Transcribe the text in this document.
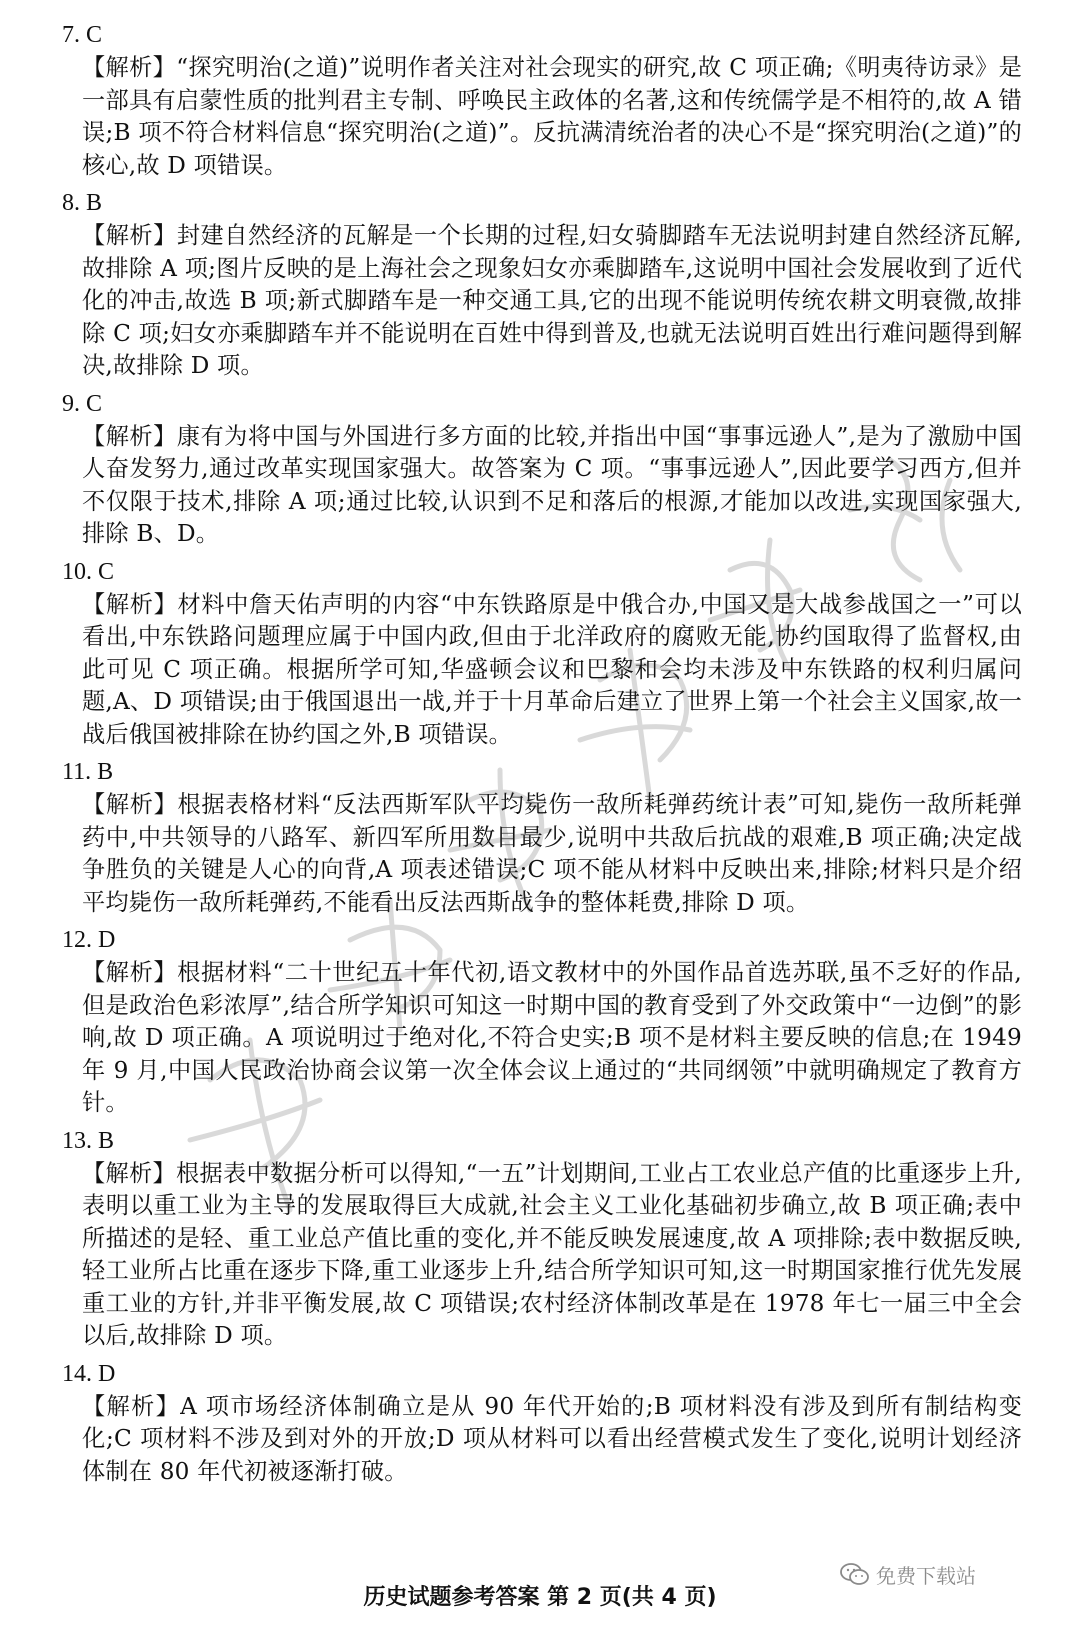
7. C
【解析】“探究明治(之道)”说明作者关注对社会现实的研究,故 C 项正确;《明夷待访录》是一部具有启蒙性质的批判君主专制、呼唤民主政体的名著,这和传统儒学是不相符的,故 A 错误;B 项不符合材料信息“探究明治(之道)”。反抗满清统治者的决心不是“探究明治(之道)”的核心,故 D 项错误。
8. B
【解析】封建自然经济的瓦解是一个长期的过程,妇女骑脚踏车无法说明封建自然经济瓦解,故排除 A 项;图片反映的是上海社会之现象妇女亦乘脚踏车,这说明中国社会发展收到了近代化的冲击,故选 B 项;新式脚踏车是一种交通工具,它的出现不能说明传统农耕文明衰微,故排除 C 项;妇女亦乘脚踏车并不能说明在百姓中得到普及,也就无法说明百姓出行难问题得到解决,故排除 D 项。
9. C
【解析】康有为将中国与外国进行多方面的比较,并指出中国“事事远逊人”,是为了激励中国人奋发努力,通过改革实现国家强大。故答案为 C 项。“事事远逊人”,因此要学习西方,但并不仅限于技术,排除 A 项;通过比较,认识到不足和落后的根源,才能加以改进,实现国家强大,排除 B、D。
10. C
【解析】材料中詹天佑声明的内容“中东铁路原是中俄合办,中国又是大战参战国之一”可以看出,中东铁路问题理应属于中国内政,但由于北洋政府的腐败无能,协约国取得了监督权,由此可见 C 项正确。根据所学可知,华盛顿会议和巴黎和会均未涉及中东铁路的权利归属问题,A、D 项错误;由于俄国退出一战,并于十月革命后建立了世界上第一个社会主义国家,故一战后俄国被排除在协约国之外,B 项错误。
11. B
【解析】根据表格材料“反法西斯军队平均毙伤一敌所耗弹药统计表”可知,毙伤一敌所耗弹药中,中共领导的八路军、新四军所用数目最少,说明中共敌后抗战的艰难,B 项正确;决定战争胜负的关键是人心的向背,A 项表述错误;C 项不能从材料中反映出来,排除;材料只是介绍平均毙伤一敌所耗弹药,不能看出反法西斯战争的整体耗费,排除 D 项。
12. D
【解析】根据材料“二十世纪五十年代初,语文教材中的外国作品首选苏联,虽不乏好的作品,但是政治色彩浓厚”,结合所学知识可知这一时期中国的教育受到了外交政策中“一边倒”的影响,故 D 项正确。A 项说明过于绝对化,不符合史实;B 项不是材料主要反映的信息;在 1949 年 9 月,中国人民政治协商会议第一次全体会议上通过的“共同纲领”中就明确规定了教育方针。
13. B
【解析】根据表中数据分析可以得知,“一五”计划期间,工业占工农业总产值的比重逐步上升,表明以重工业为主导的发展取得巨大成就,社会主义工业化基础初步确立,故 B 项正确;表中所描述的是轻、重工业总产值比重的变化,并不能反映发展速度,故 A 项排除;表中数据反映,轻工业所占比重在逐步下降,重工业逐步上升,结合所学知识可知,这一时期国家推行优先发展重工业的方针,并非平衡发展,故 C 项错误;农村经济体制改革是在 1978 年七一届三中全会以后,故排除 D 项。
14. D
【解析】A 项市场经济体制确立是从 90 年代开始的;B 项材料没有涉及到所有制结构变化;C 项材料不涉及到对外的开放;D 项从材料可以看出经营模式发生了变化,说明计划经济体制在 80 年代初被逐渐打破。
免费下载站
历史试题参考答案 第 2 页(共 4 页)
